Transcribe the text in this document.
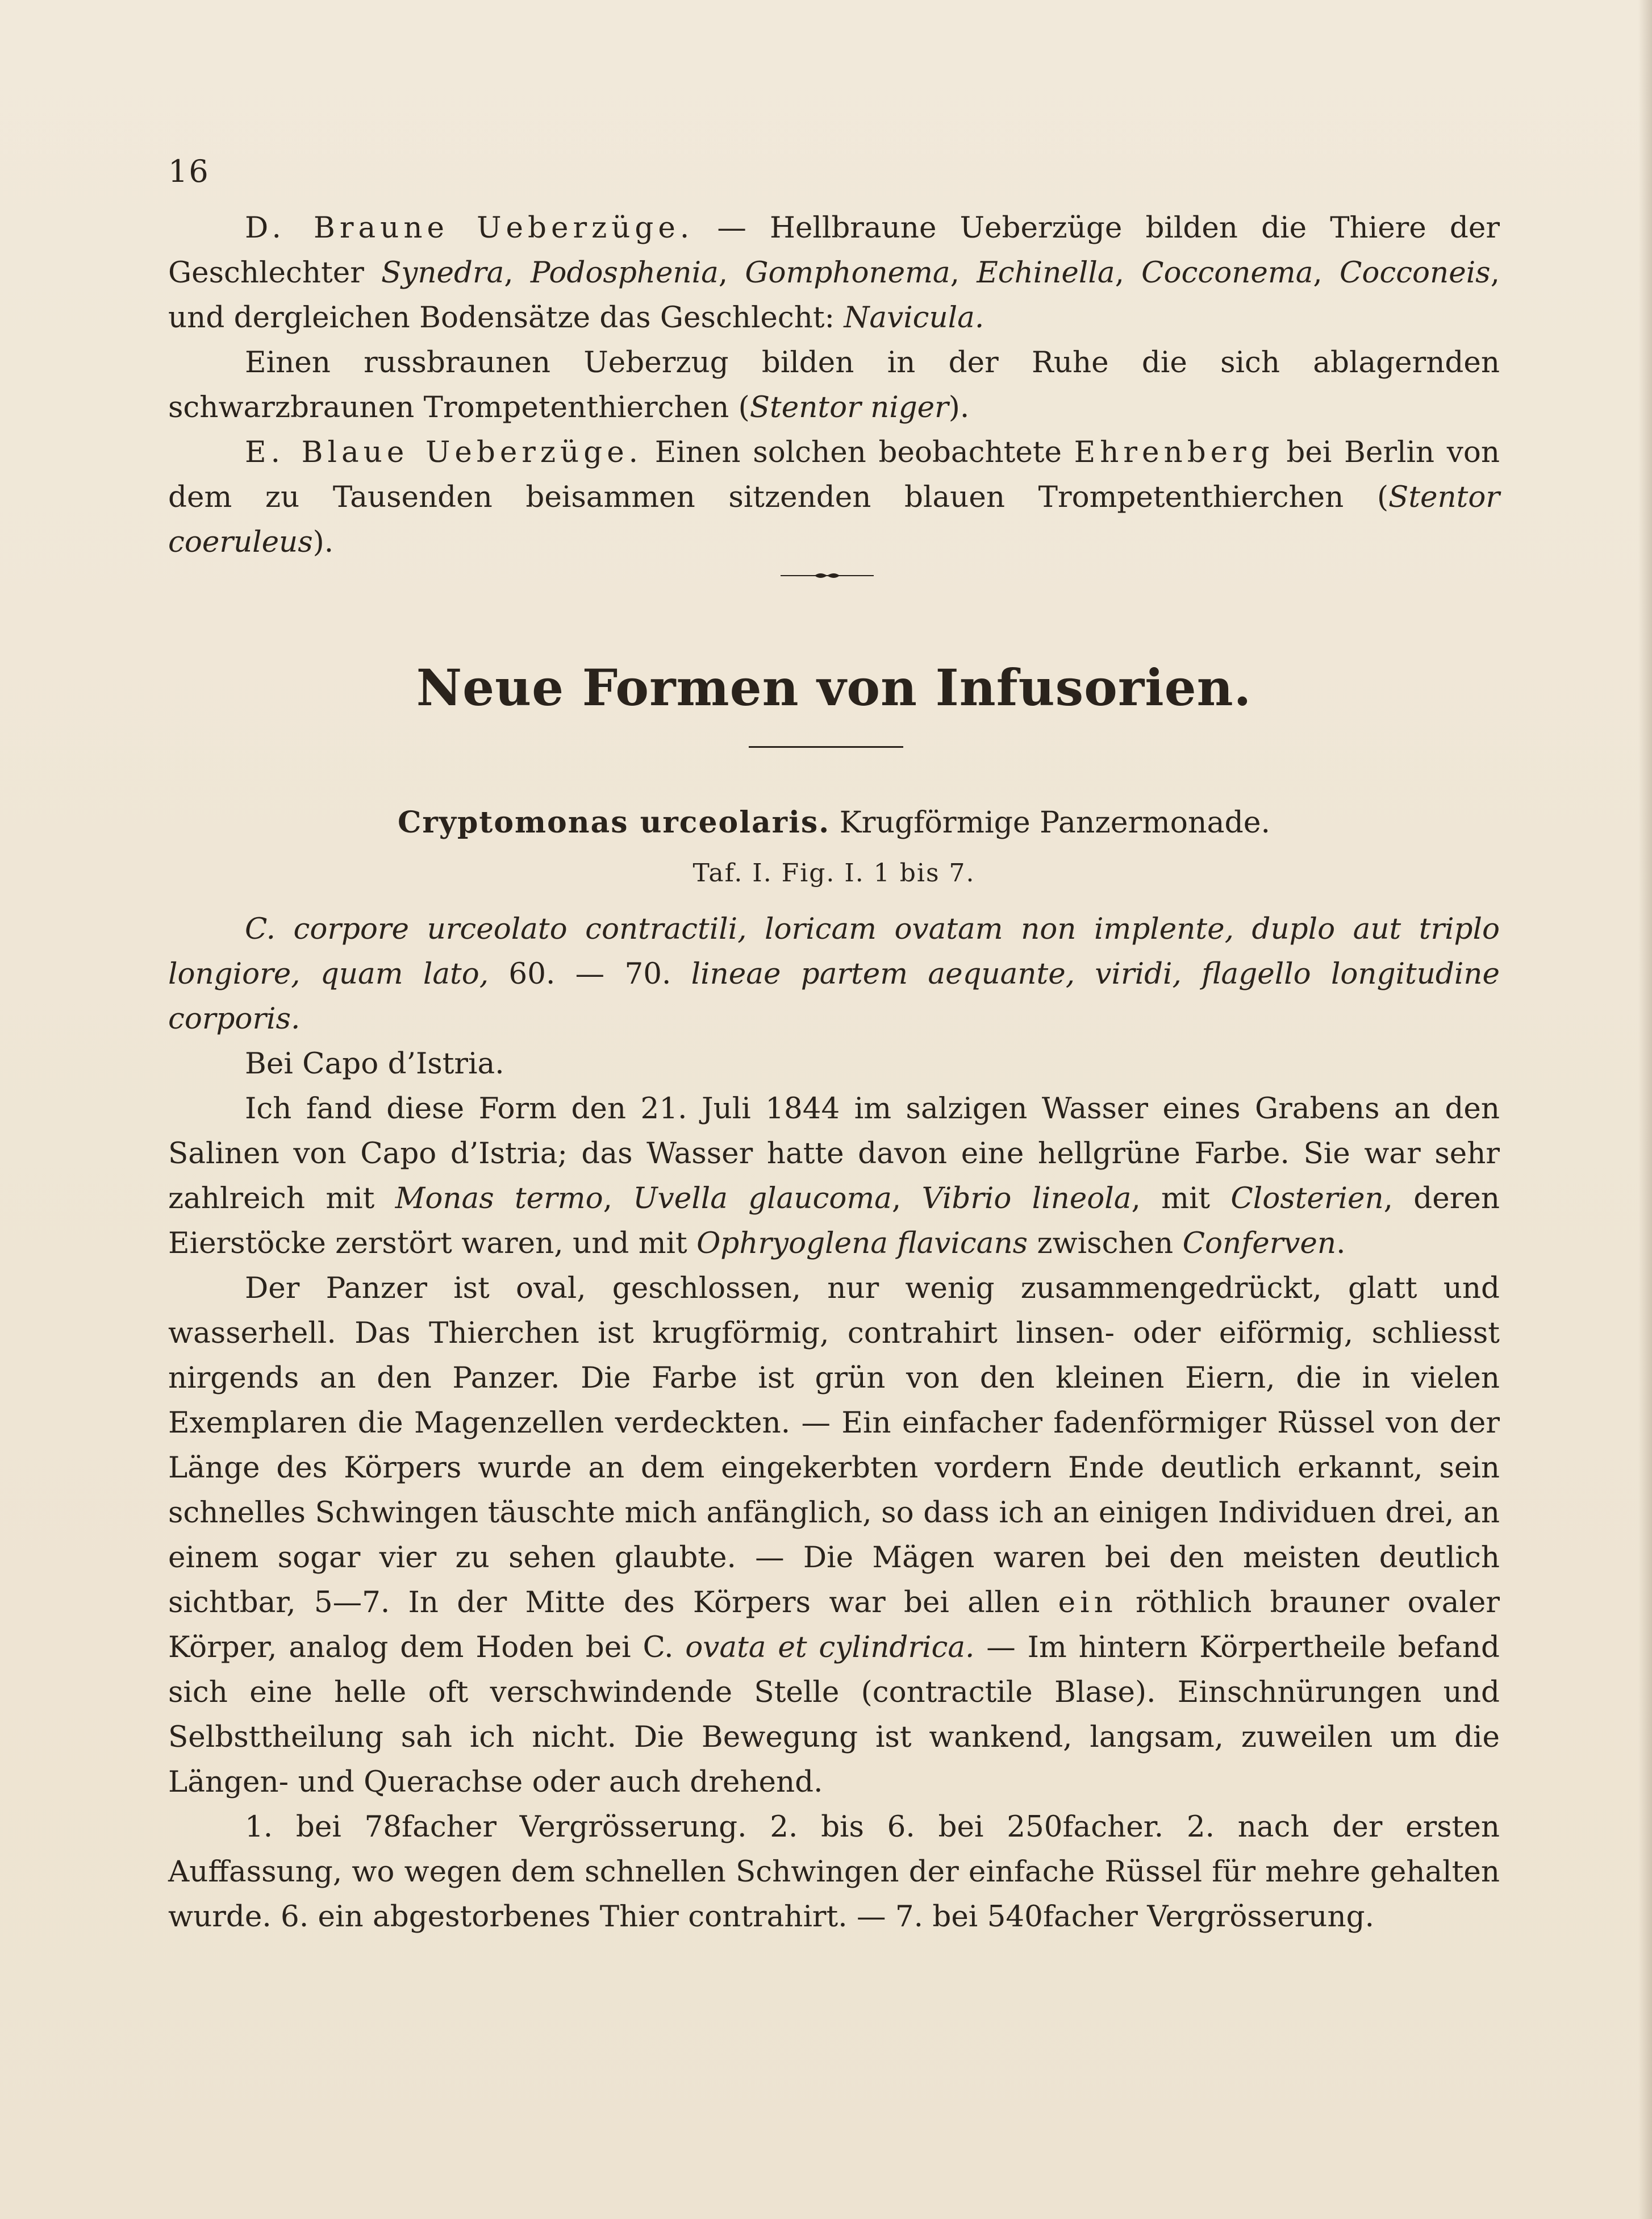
16

D. Braune Ueberzüge. — Hellbraune Ueberzüge bilden die Thiere der Geschlechter Synedra, Podosphenia, Gomphonema, Echinella, Cocconema, Cocconeis, und dergleichen Bodensätze das Geschlecht: Navicula.

Einen russbraunen Ueberzug bilden in der Ruhe die sich ablagernden schwarzbraunen Trompetenthierchen (Stentor niger).

E. Blaue Ueberzüge. Einen solchen beobachtete Ehrenberg bei Berlin von dem zu Tausenden beisammen sitzenden blauen Trompetenthierchen (Stentor coeruleus).

Neue Formen von Infusorien.
Cryptomonas urceolaris. Krugförmige Panzermonade.
Taf. I. Fig. I. 1 bis 7.

C. corpore urceolato contractili, loricam ovatam non implente, duplo aut triplo longiore, quam lato, 60. — 70. lineae partem aequante, viridi, flagello longitudine corporis.

Bei Capo d’Istria.

Ich fand diese Form den 21. Juli 1844 im salzigen Wasser eines Grabens an den Salinen von Capo d’Istria; das Wasser hatte davon eine hellgrüne Farbe. Sie war sehr zahlreich mit Monas termo, Uvella glaucoma, Vibrio lineola, mit Closterien, deren Eierstöcke zerstört waren, und mit Ophryoglena flavicans zwischen Conferven.

Der Panzer ist oval, geschlossen, nur wenig zusammengedrückt, glatt und wasserhell. Das Thierchen ist krugförmig, contrahirt linsen- oder eiförmig, schliesst nirgends an den Panzer. Die Farbe ist grün von den kleinen Eiern, die in vielen Exemplaren die Magenzellen verdeckten. — Ein einfacher fadenförmiger Rüssel von der Länge des Körpers wurde an dem eingekerbten vordern Ende deutlich erkannt, sein schnelles Schwingen täuschte mich anfänglich, so dass ich an einigen Individuen drei, an einem sogar vier zu sehen glaubte. — Die Mägen waren bei den meisten deutlich sichtbar, 5—7. In der Mitte des Körpers war bei allen ein röthlich brauner ovaler Körper, analog dem Hoden bei C. ovata et cylindrica. — Im hintern Körpertheile befand sich eine helle oft verschwindende Stelle (contractile Blase). Einschnürungen und Selbsttheilung sah ich nicht. Die Bewegung ist wankend, langsam, zuweilen um die Längen- und Querachse oder auch drehend.

1. bei 78facher Vergrösserung. 2. bis 6. bei 250facher. 2. nach der ersten Auffassung, wo wegen dem schnellen Schwingen der einfache Rüssel für mehre gehalten wurde. 6. ein abgestorbenes Thier contrahirt. — 7. bei 540facher Vergrösserung.
